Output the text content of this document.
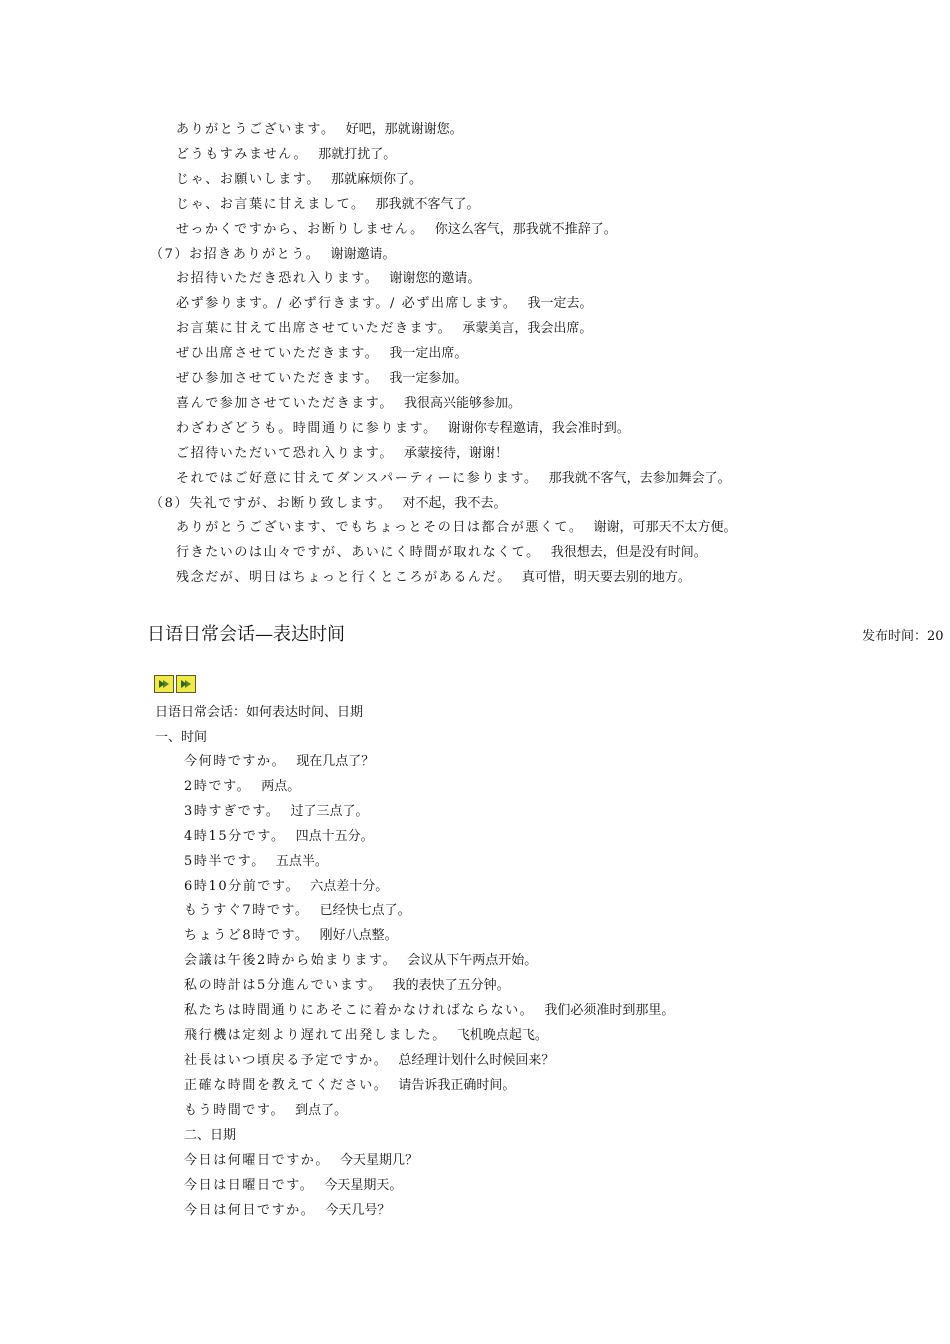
ありがとうございます。 好吧，那就谢谢您。
どうもすみません。 那就打扰了。
じゃ、お願いします。 那就麻烦你了。
じゃ、お言葉に甘えまして。 那我就不客气了。
せっかくですから、お断りしません。 你这么客气，那我就不推辞了。
（7）お招きありがとう。 谢谢邀请。
お招待いただき恐れ入ります。 谢谢您的邀请。
必ず参ります。/ 必ず行きます。/ 必ず出席します。 我一定去。
お言葉に甘えて出席させていただきます。 承蒙美言，我会出席。
ぜひ出席させていただきます。 我一定出席。
ぜひ参加させていただきます。 我一定参加。
喜んで参加させていただきます。 我很高兴能够参加。
わざわざどうも。時間通りに参ります。 谢谢你专程邀请，我会准时到。
ご招待いただいて恐れ入ります。 承蒙接待，谢谢！
それではご好意に甘えてダンスパーティーに参ります。 那我就不客气，去参加舞会了。
（8）失礼ですが、お断り致します。 对不起，我不去。
ありがとうございます、でもちょっとその日は都合が悪くて。 谢谢，可那天不太方便。
行きたいのは山々ですが、あいにく時間が取れなくて。 我很想去，但是没有时间。
残念だが、明日はちょっと行くところがあるんだ。 真可惜，明天要去别的地方。
日语日常会话—表达时间	发布时间：20
日语日常会话：如何表达时间、日期
一、时间
今何時ですか。 现在几点了？
2時です。 两点。
3時すぎです。 过了三点了。
4時15分です。 四点十五分。
5時半です。 五点半。
6時10分前です。 六点差十分。
もうすぐ7時です。 已经快七点了。
ちょうど8時です。 刚好八点整。
会議は午後2時から始まります。 会议从下午两点开始。
私の時計は5分進んでいます。 我的表快了五分钟。
私たちは時間通りにあそこに着かなければならない。 我们必须准时到那里。
飛行機は定刻より遅れて出発しました。 飞机晚点起飞。
社長はいつ頃戻る予定ですか。 总经理计划什么时候回来？
正確な時間を教えてください。 请告诉我正确时间。
もう時間です。 到点了。
二、日期
今日は何曜日ですか。 今天星期几？
今日は日曜日です。 今天星期天。
今日は何日ですか。 今天几号？
